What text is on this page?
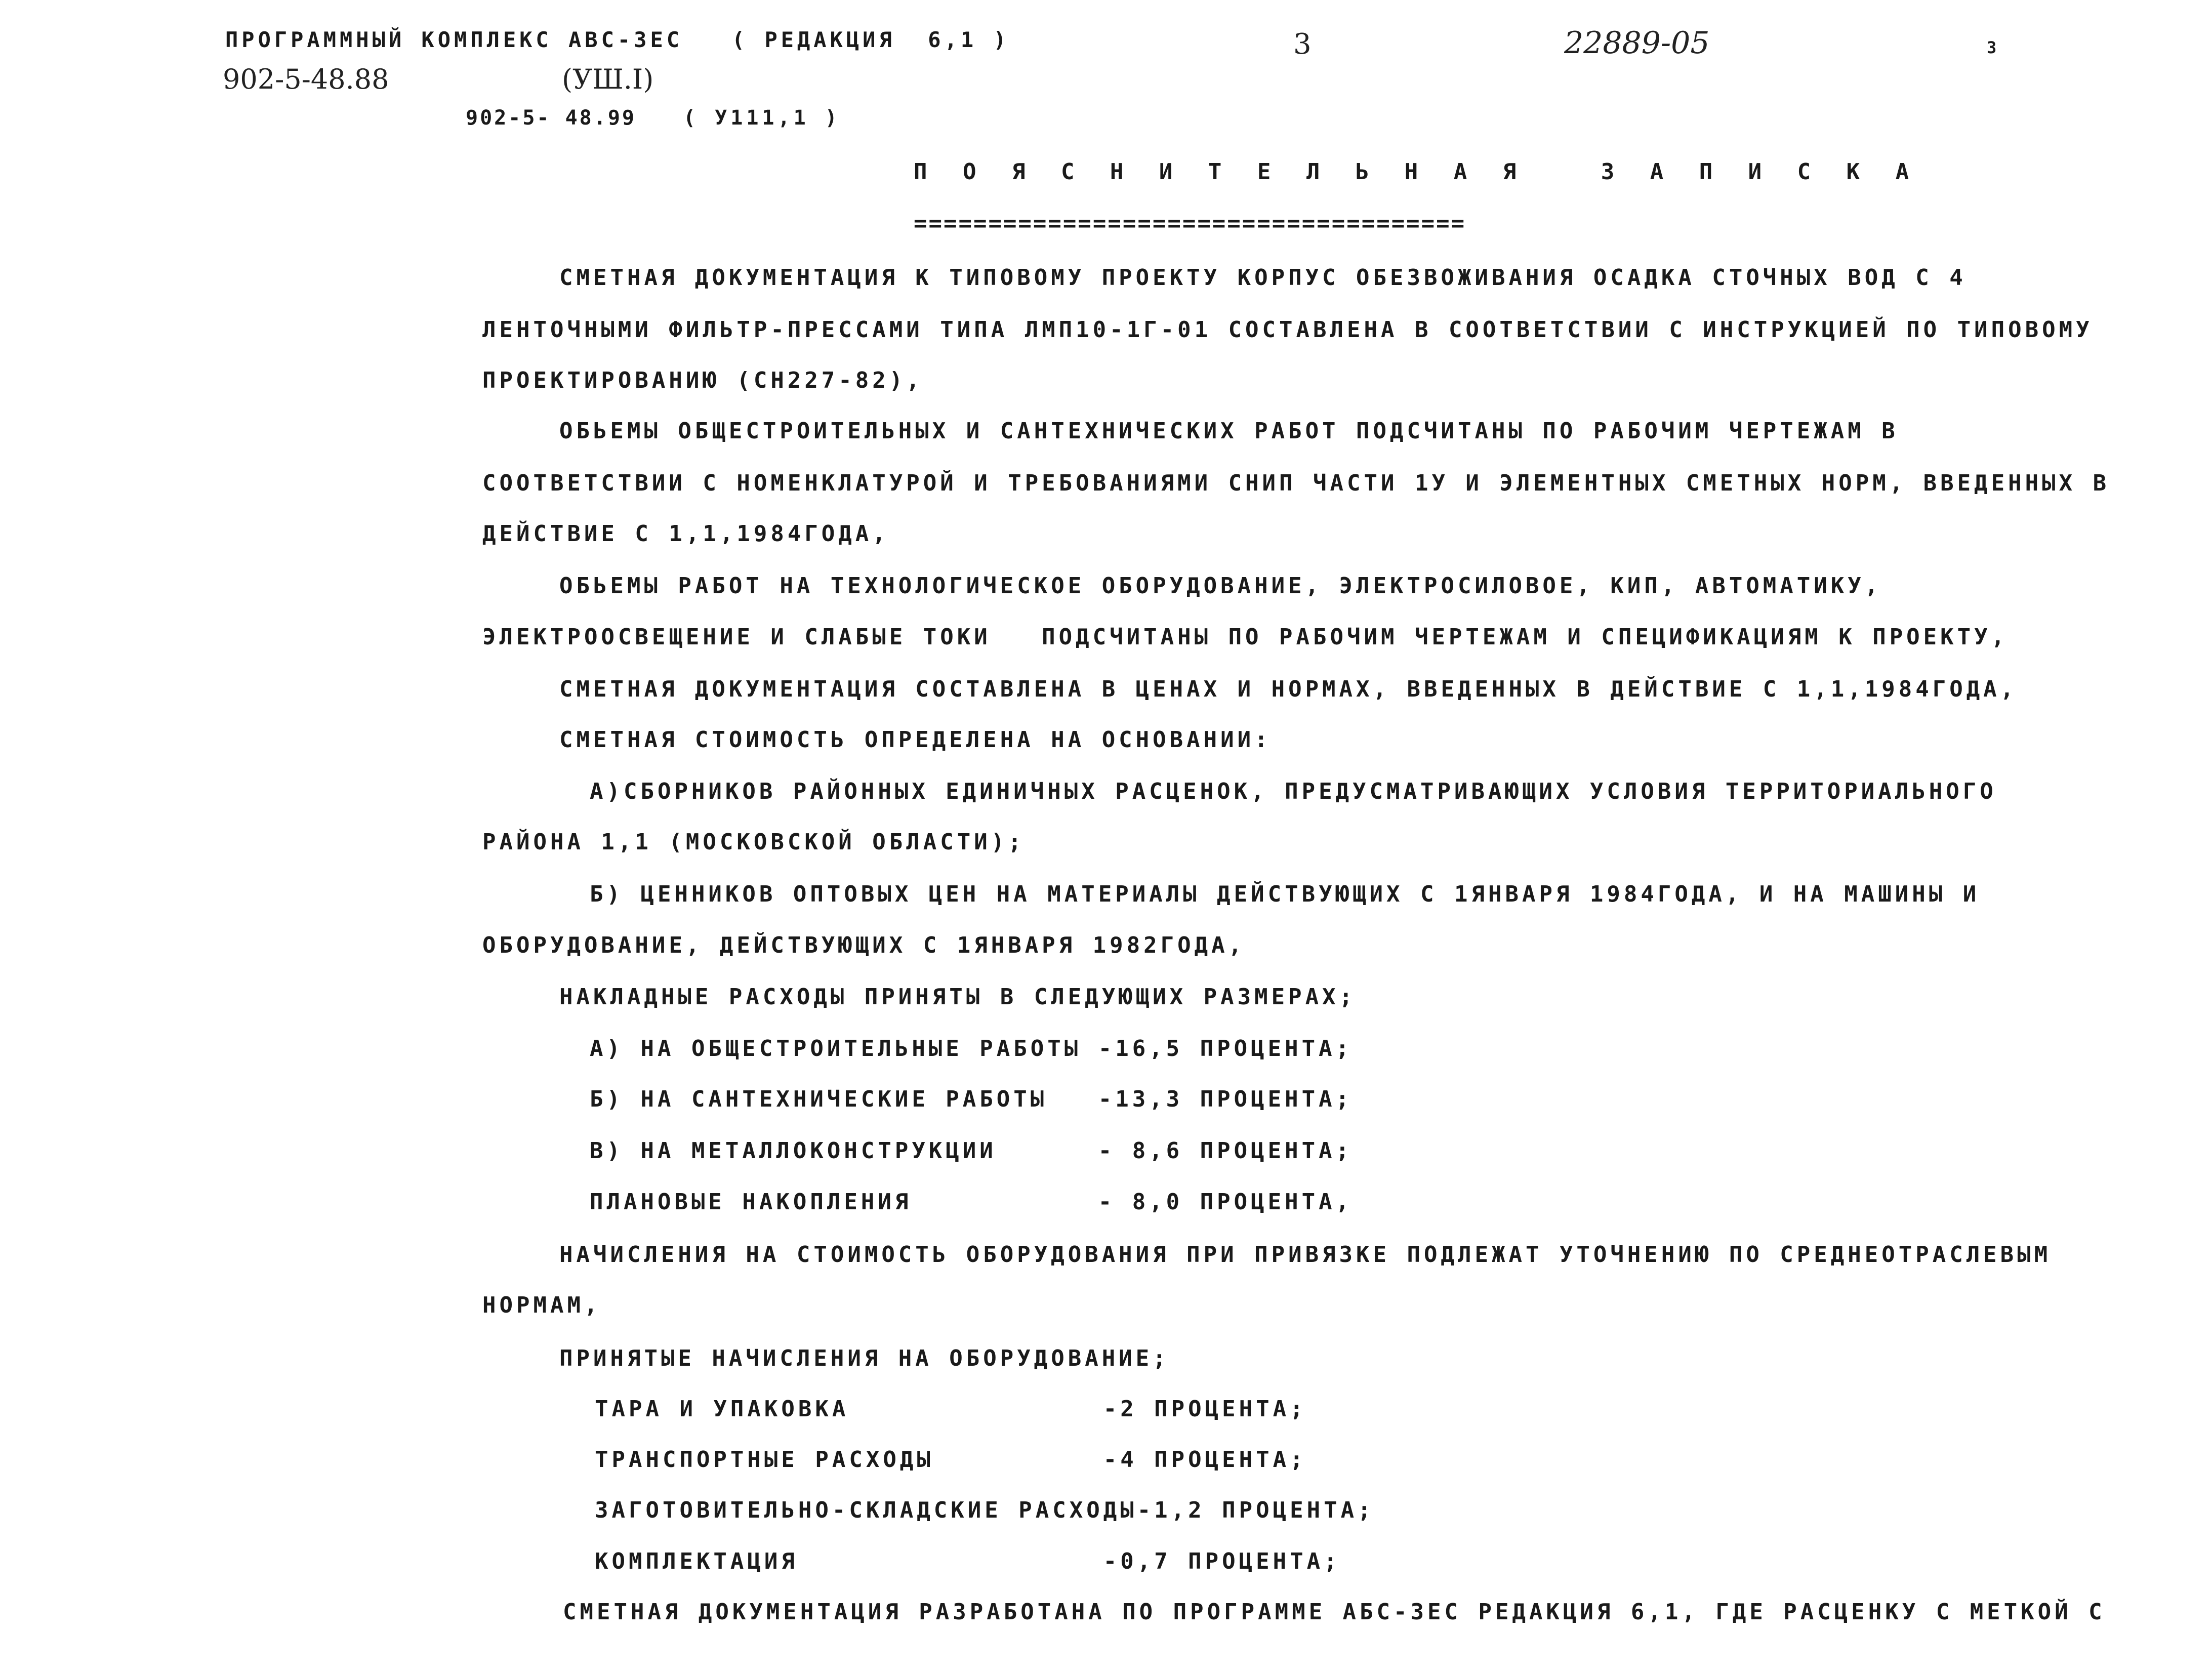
ПРОГРАММНЫЙ КОМПЛЕКС АВС-3ЕС   ( РЕДАКЦИЯ  6,1 )
902-5-48.88	(УШ.I)
902-5- 48.99 ( У111,1 )
3	22889-05	3
П О Я С Н И Т Е Л Ь Н А Я   З А П И С К А
=====================================
СМЕТНАЯ ДОКУМЕНТАЦИЯ К ТИПОВОМУ ПРОЕКТУ КОРПУС ОБЕЗВОЖИВАНИЯ ОСАДКА СТОЧНЫХ ВОД С 4
ЛЕНТОЧНЫМИ ФИЛЬТР-ПРЕССАМИ ТИПА ЛМП10-1Г-01 СОСТАВЛЕНА В СООТВЕТСТВИИ С ИНСТРУКЦИЕЙ ПО ТИПОВОМУ
ПРОЕКТИРОВАНИЮ (СН227-82),
ОБЬЕМЫ ОБЩЕСТРОИТЕЛЬНЫХ И САНТЕХНИЧЕСКИХ РАБОТ ПОДСЧИТАНЫ ПО РАБОЧИМ ЧЕРТЕЖАМ В
СООТВЕТСТВИИ С НОМЕНКЛАТУРОЙ И ТРЕБОВАНИЯМИ СНИП ЧАСТИ 1У И ЭЛЕМЕНТНЫХ СМЕТНЫХ НОРМ, ВВЕДЕННЫХ В
ДЕЙСТВИЕ С 1,1,1984ГОДА,
ОБЬЕМЫ РАБОТ НА ТЕХНОЛОГИЧЕСКОЕ ОБОРУДОВАНИЕ, ЭЛЕКТРОСИЛОВОЕ, КИП, АВТОМАТИКУ,
ЭЛЕКТРООСВЕЩЕНИЕ И СЛАБЫЕ ТОКИ   ПОДСЧИТАНЫ ПО РАБОЧИМ ЧЕРТЕЖАМ И СПЕЦИФИКАЦИЯМ К ПРОЕКТУ,
СМЕТНАЯ ДОКУМЕНТАЦИЯ СОСТАВЛЕНА В ЦЕНАХ И НОРМАХ, ВВЕДЕННЫХ В ДЕЙСТВИЕ С 1,1,1984ГОДА,
СМЕТНАЯ СТОИМОСТЬ ОПРЕДЕЛЕНА НА ОСНОВАНИИ:
А)СБОРНИКОВ РАЙОННЫХ ЕДИНИЧНЫХ РАСЦЕНОК, ПРЕДУСМАТРИВАЮЩИХ УСЛОВИЯ ТЕРРИТОРИАЛЬНОГО
РАЙОНА 1,1 (МОСКОВСКОЙ ОБЛАСТИ);
Б) ЦЕННИКОВ ОПТОВЫХ ЦЕН НА МАТЕРИАЛЫ ДЕЙСТВУЮЩИХ С 1ЯНВАРЯ 1984ГОДА, И НА МАШИНЫ И
ОБОРУДОВАНИЕ, ДЕЙСТВУЮЩИХ С 1ЯНВАРЯ 1982ГОДА,
НАКЛАДНЫЕ РАСХОДЫ ПРИНЯТЫ В СЛЕДУЮЩИХ РАЗМЕРАХ;
А) НА ОБЩЕСТРОИТЕЛЬНЫЕ РАБОТЫ -16,5 ПРОЦЕНТА;
Б) НА САНТЕХНИЧЕСКИЕ РАБОТЫ   -13,3 ПРОЦЕНТА;
В) НА МЕТАЛЛОКОНСТРУКЦИИ      - 8,6 ПРОЦЕНТА;
ПЛАНОВЫЕ НАКОПЛЕНИЯ           - 8,0 ПРОЦЕНТА,
НАЧИСЛЕНИЯ НА СТОИМОСТЬ ОБОРУДОВАНИЯ ПРИ ПРИВЯЗКЕ ПОДЛЕЖАТ УТОЧНЕНИЮ ПО СРЕДНЕОТРАСЛЕВЫМ
НОРМАМ,
ПРИНЯТЫЕ НАЧИСЛЕНИЯ НА ОБОРУДОВАНИЕ;
ТАРА И УПАКОВКА               -2 ПРОЦЕНТА;
ТРАНСПОРТНЫЕ РАСХОДЫ          -4 ПРОЦЕНТА;
ЗАГОТОВИТЕЛЬНО-СКЛАДСКИЕ РАСХОДЫ-1,2 ПРОЦЕНТА;
КОМПЛЕКТАЦИЯ                  -0,7 ПРОЦЕНТА;
СМЕТНАЯ ДОКУМЕНТАЦИЯ РАЗРАБОТАНА ПО ПРОГРАММЕ АБС-3ЕС РЕДАКЦИЯ 6,1, ГДЕ РАСЦЕНКУ С МЕТКОЙ С
